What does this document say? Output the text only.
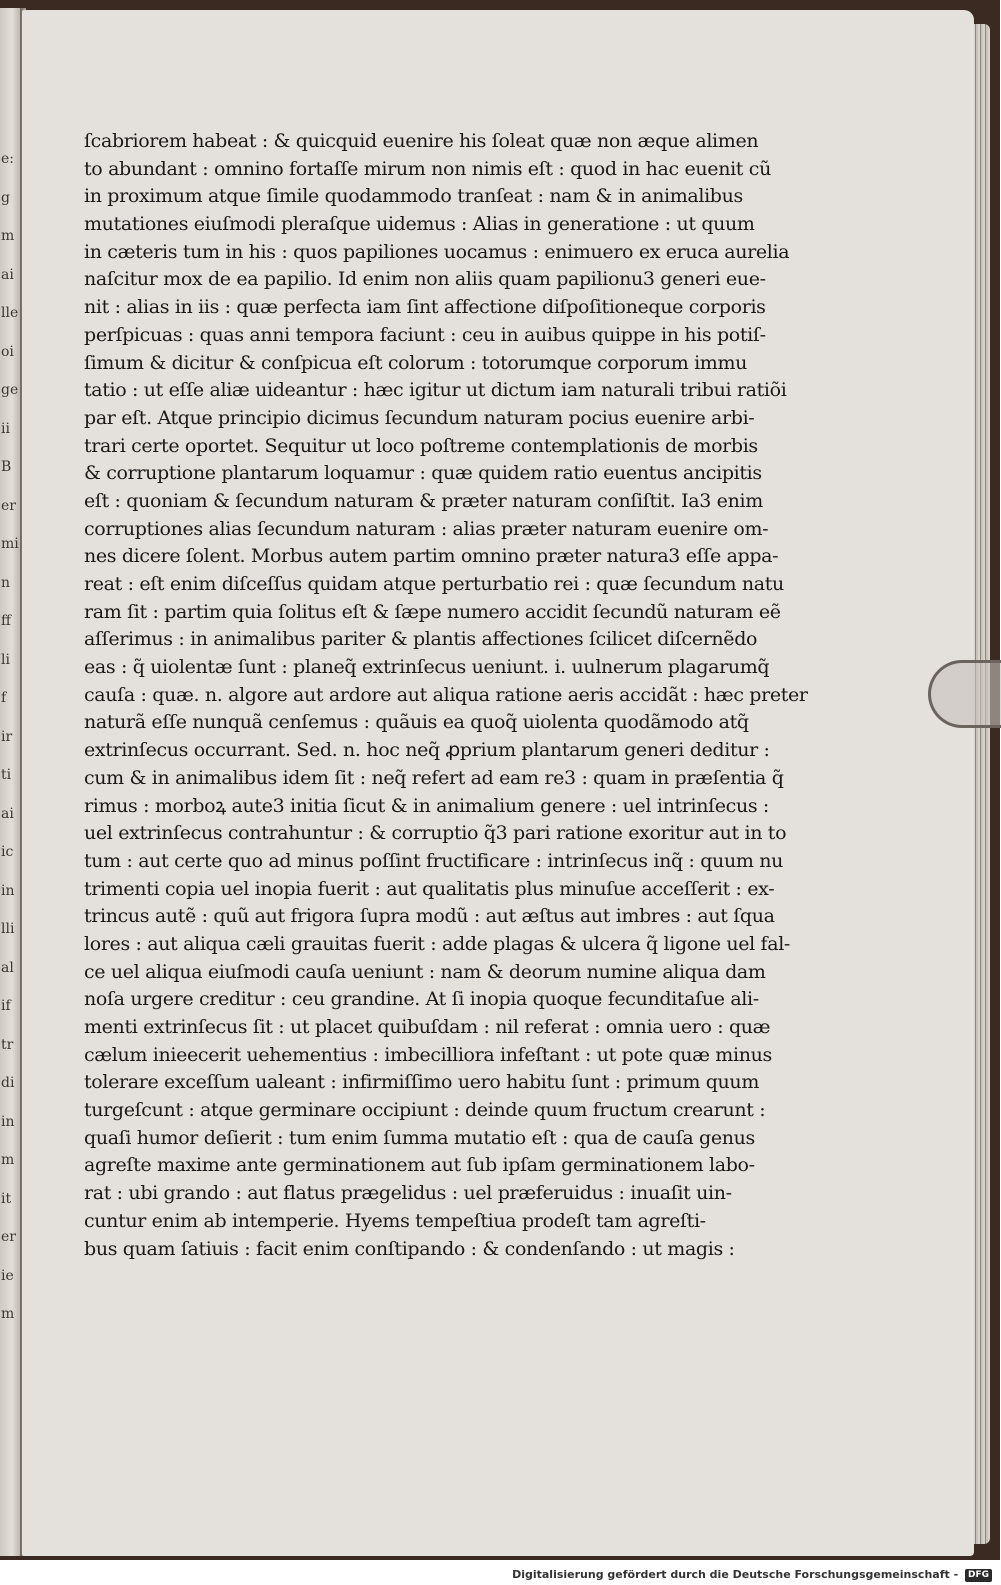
e:
g
m
ai
lle
oi
ge
ii
B
er
mi
n
ff
li
f
ir
ti
ai
ic
in
lli
al
if
tr
di
in
m
it
er
ie
m
ſcabriorem habeat : & quicquid euenire his ſoleat quæ non æque alimen
to abundant : omnino fortaſſe mirum non nimis eſt : quod in hac euenit cũ
in proximum atque ſimile quodammodo tranſeat : nam & in animalibus
mutationes eiuſmodi pleraſque uidemus : Alias in generatione : ut quum
in cæteris tum in his : quos papiliones uocamus : enimuero ex eruca aurelia
naſcitur mox de ea papilio. Id enim non aliis quam papilionu3 generi eue-
nit : alias in iis : quæ perfecta iam ſint affectione diſpoſitioneque corporis
perſpicuas : quas anni tempora faciunt : ceu in auibus quippe in his potiſ-
ſimum & dicitur & conſpicua eſt colorum : totorumque corporum immu
tatio : ut eſſe aliæ uideantur : hæc igitur ut dictum iam naturali tribui ratiõi
par eſt. Atque principio dicimus ſecundum naturam pocius euenire arbi-
trari certe oportet. Sequitur ut loco poſtreme contemplationis de morbis
& corruptione plantarum loquamur : quæ quidem ratio euentus ancipitis
eſt : quoniam & ſecundum naturam & præter naturam conſiſtit. Ia3 enim
corruptiones alias ſecundum naturam : alias præter naturam euenire om-
nes dicere ſolent. Morbus autem partim omnino præter natura3 eſſe appa-
reat : eſt enim diſceſſus quidam atque perturbatio rei : quæ ſecundum natu
ram ſit : partim quia ſolitus eſt & ſæpe numero accidit ſecundũ naturam eẽ
aſſerimus : in animalibus pariter & plantis affectiones ſcilicet diſcernẽdo
eas : q̃ uiolentæ ſunt : planeq̃ extrinſecus ueniunt. i. uulnerum plagarumq̃
cauſa : quæ. n. algore aut ardore aut aliqua ratione aeris accidãt : hæc preter
naturã eſſe nunquã cenſemus : quãuis ea quoq̃ uiolenta quodãmodo atq̃
extrinſecus occurrant. Sed. n. hoc neq̃ ꝓprium plantarum generi deditur :
cum & in animalibus idem ſit : neq̃ refert ad eam re3 : quam in præſentia q̃
rimus : morboꝝ aute3 initia ſicut & in animalium genere : uel intrinſecus :
uel extrinſecus contrahuntur : & corruptio q̃3 pari ratione exoritur aut in to
tum : aut certe quo ad minus poſſint fructificare : intrinſecus inq̃ : quum nu
trimenti copia uel inopia fuerit : aut qualitatis plus minuſue acceſſerit : ex-
trincus autẽ : quũ aut frigora ſupra modũ : aut æſtus aut imbres : aut ſqua
lores : aut aliqua cæli grauitas fuerit : adde plagas & ulcera q̃ ligone uel fal-
ce uel aliqua eiuſmodi cauſa ueniunt : nam & deorum numine aliqua dam
noſa urgere creditur : ceu grandine. At ſi inopia quoque fecunditaſue ali-
menti extrinſecus ſit : ut placet quibuſdam : nil referat : omnia uero : quæ
cælum inieecerit uehementius : imbecilliora infeſtant : ut pote quæ minus
tolerare exceſſum ualeant : infirmiſſimo uero habitu ſunt : primum quum
turgeſcunt : atque germinare occipiunt : deinde quum fructum crearunt :
quaſi humor deſierit : tum enim ſumma mutatio eſt : qua de cauſa genus
agreſte maxime ante germinationem aut ſub ipſam germinationem labo-
rat : ubi grando : aut flatus prægelidus : uel præferuidus : inuaſit uin-
cuntur enim ab intemperie. Hyems tempeſtiua prodeſt tam agreſti-
bus quam ſatiuis : facit enim conſtipando : & condenſando : ut magis :
Digitalisierung gefördert durch die Deutsche Forschungsgemeinschaft - DFG
